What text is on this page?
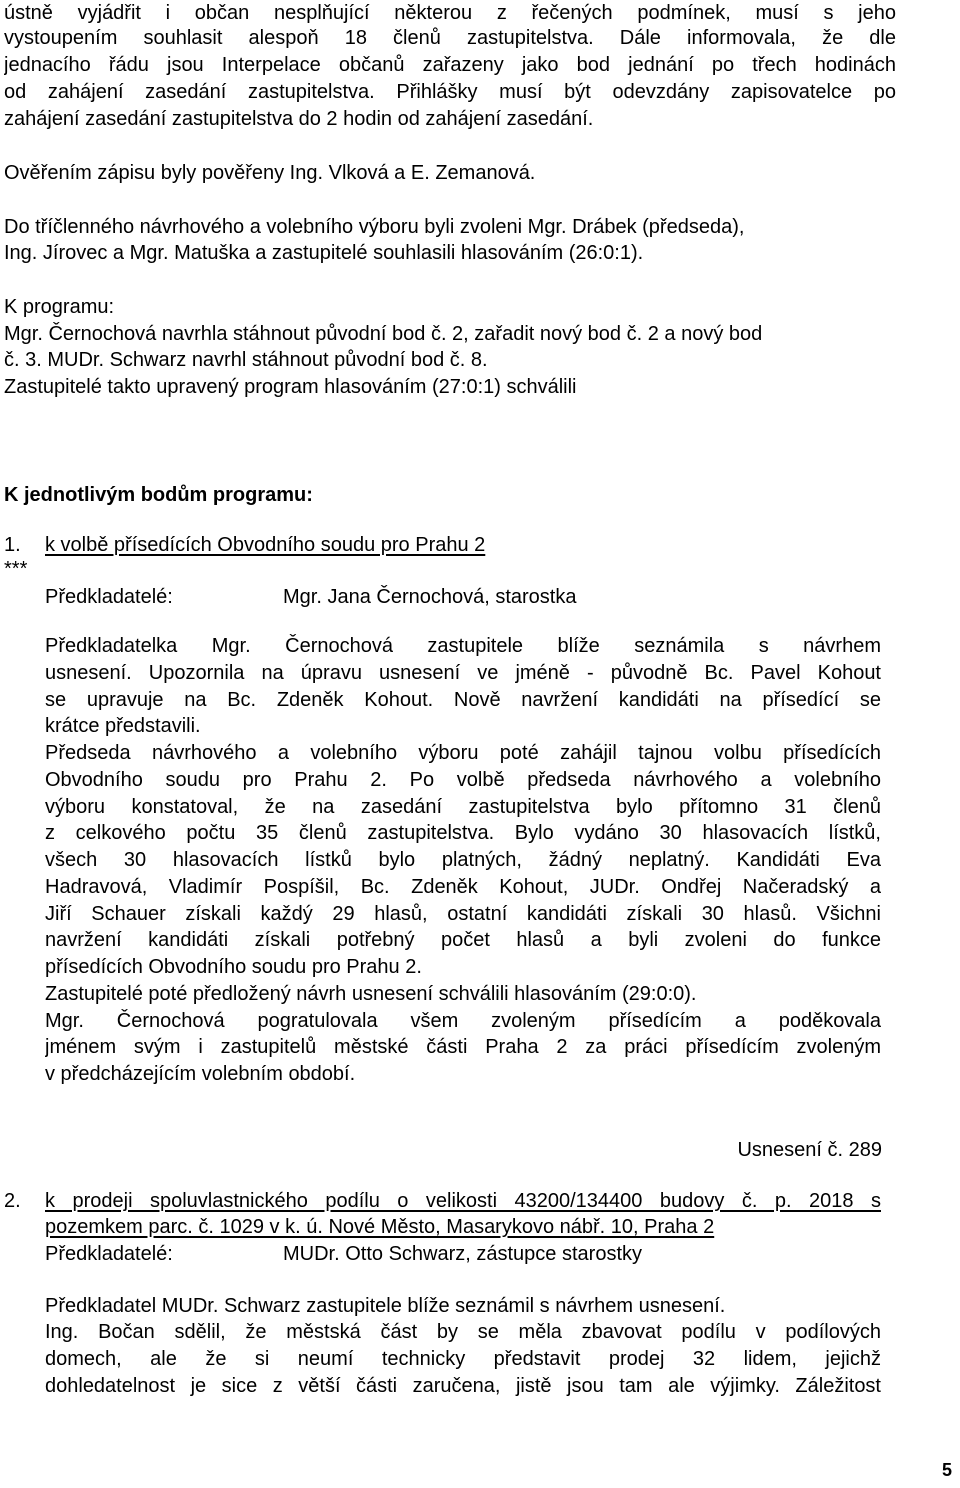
ústně vyjádřit i občan nesplňující některou z řečených podmínek, musí s jeho
vystoupením souhlasit alespoň 18 členů zastupitelstva. Dále informovala, že dle
jednacího řádu jsou Interpelace občanů zařazeny jako bod jednání po třech hodinách
od zahájení zasedání zastupitelstva. Přihlášky musí být odevzdány zapisovatelce po
zahájení zasedání zastupitelstva do 2 hodin od zahájení zasedání.
Ověřením zápisu byly pověřeny Ing. Vlková a E. Zemanová.
Do tříčlenného návrhového a volebního výboru byli zvoleni Mgr. Drábek (předseda),
Ing. Jírovec a Mgr. Matuška a zastupitelé souhlasili hlasováním (26:0:1).
K programu:
Mgr. Černochová navrhla stáhnout původní bod č. 2, zařadit nový bod č. 2 a nový bod
č. 3. MUDr. Schwarz navrhl stáhnout původní bod č. 8.
Zastupitelé takto upravený program hlasováním (27:0:1) schválili
K jednotlivým bodům programu:
1. k volbě přísedících Obvodního soudu pro Prahu 2
***
Předkladatelé:	Mgr. Jana Černochová, starostka
Předkladatelka Mgr. Černochová zastupitele blíže seznámila s návrhem
usnesení. Upozornila na úpravu usnesení ve jméně - původně Bc. Pavel Kohout
se upravuje na Bc. Zdeněk Kohout. Nově navržení kandidáti na přísedící se
krátce představili.
Předseda návrhového a volebního výboru poté zahájil tajnou volbu přísedících
Obvodního soudu pro Prahu 2. Po volbě předseda návrhového a volebního
výboru konstatoval, že na zasedání zastupitelstva bylo přítomno 31 členů
z celkového počtu 35 členů zastupitelstva. Bylo vydáno 30 hlasovacích lístků,
všech 30 hlasovacích lístků bylo platných, žádný neplatný. Kandidáti Eva
Hadravová, Vladimír Pospíšil, Bc. Zdeněk Kohout, JUDr. Ondřej Načeradský a
Jiří Schauer získali každý 29 hlasů, ostatní kandidáti získali 30 hlasů. Všichni
navržení kandidáti získali potřebný počet hlasů a byli zvoleni do funkce
přísedících Obvodního soudu pro Prahu 2.
Zastupitelé poté předložený návrh usnesení schválili hlasováním (29:0:0).
Mgr. Černochová pogratulovala všem zvoleným přísedícím a poděkovala
jménem svým i zastupitelů městské části Praha 2 za práci přísedícím zvoleným
v předcházejícím volebním období.
Usnesení č. 289
2. k prodeji spoluvlastnického podílu o velikosti 43200/134400 budovy č. p. 2018 s
pozemkem parc. č. 1029 v k. ú. Nové Město, Masarykovo nábř. 10, Praha 2
Předkladatelé:	MUDr. Otto Schwarz, zástupce starostky
Předkladatel MUDr. Schwarz zastupitele blíže seznámil s návrhem usnesení.
Ing. Bočan sdělil, že městská část by se měla zbavovat podílu v podílových
domech, ale že si neumí technicky představit prodej 32 lidem, jejichž
dohledatelnost je sice z větší části zaručena, jistě jsou tam ale výjimky. Záležitost
5
